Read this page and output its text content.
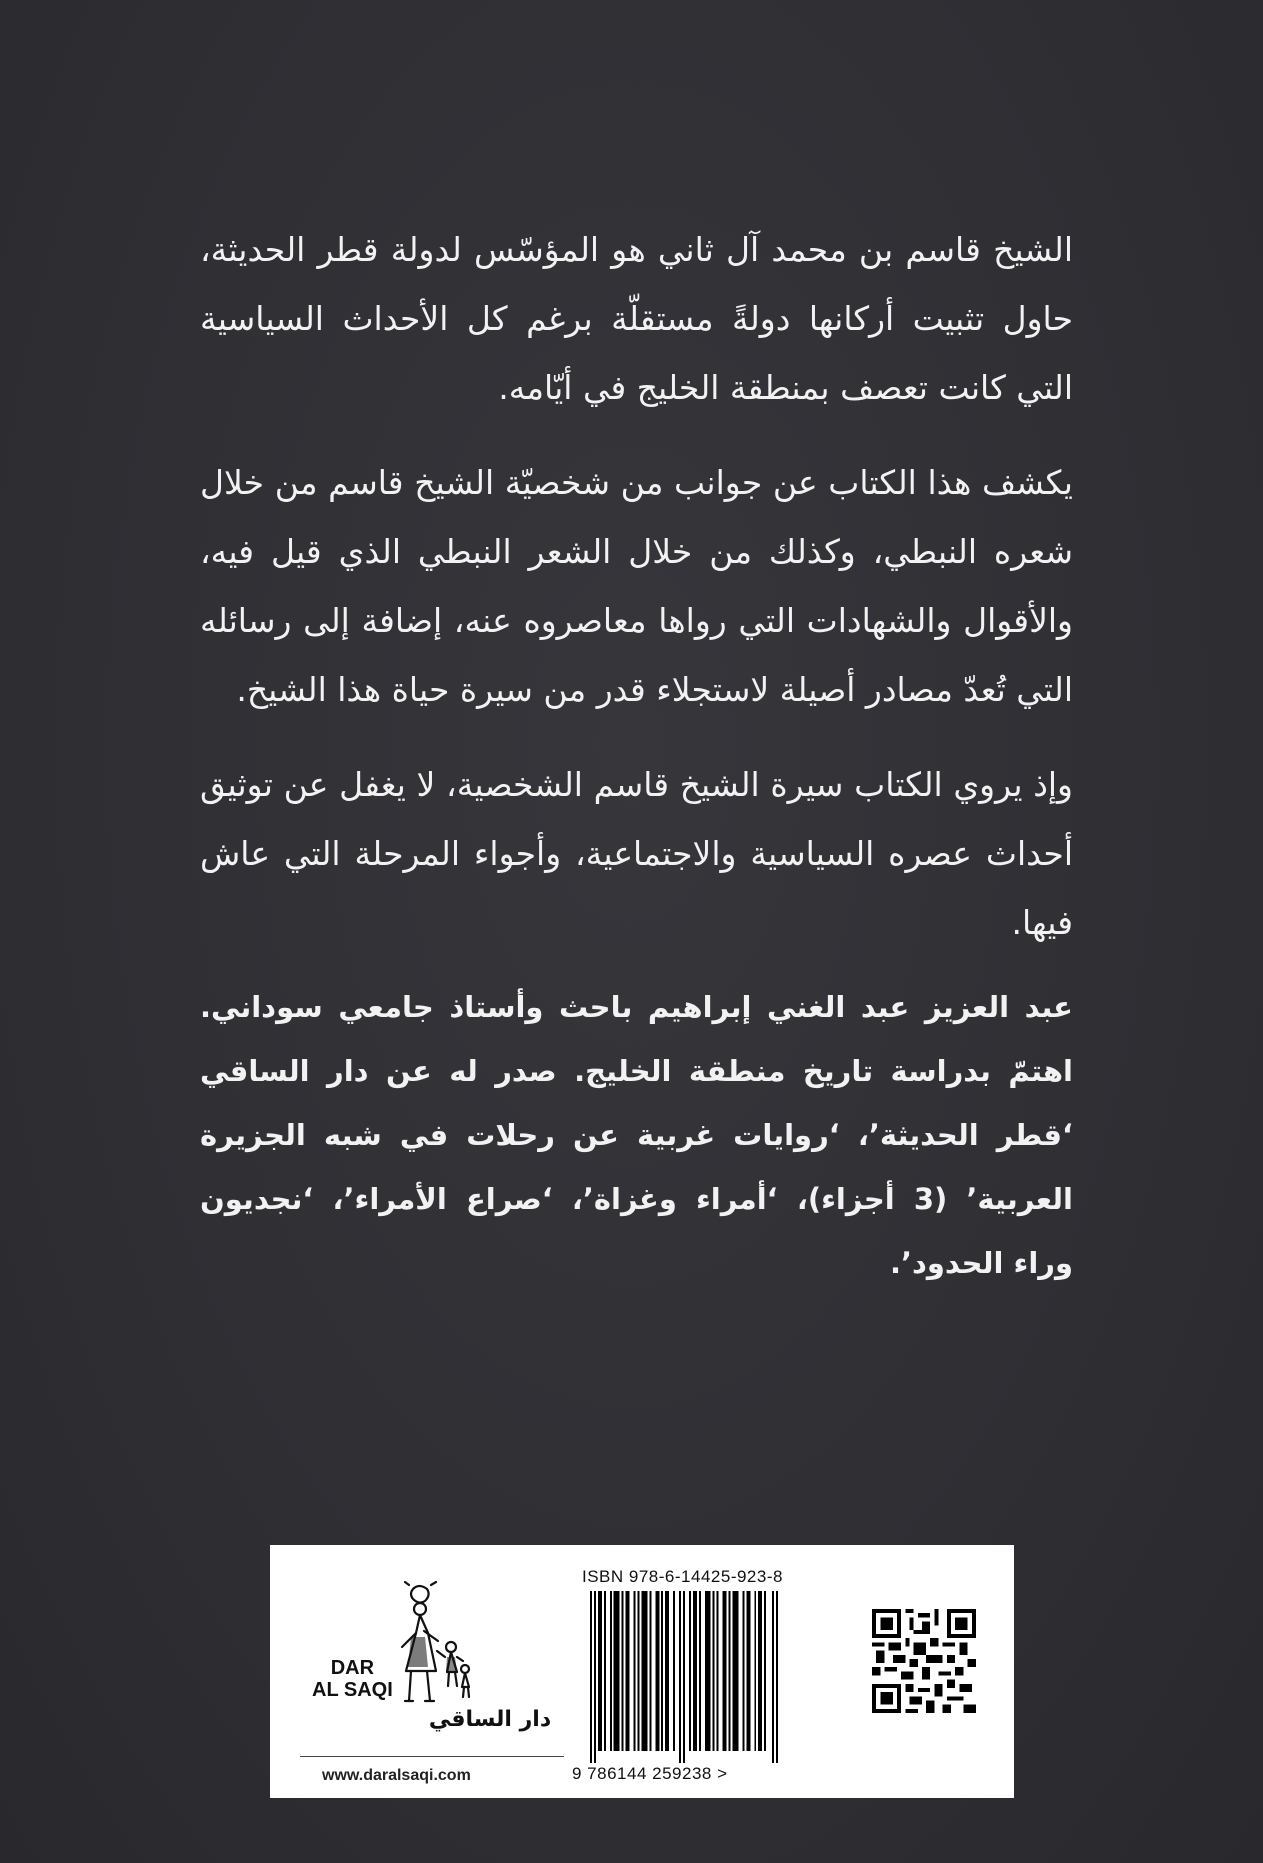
الشيخ قاسم بن محمد آل ثاني هو المؤسّس لدولة قطر الحديثة، حاول تثبيت أركانها دولةً مستقلّة برغم كل الأحداث السياسية التي كانت تعصف بمنطقة الخليج في أيّامه.

يكشف هذا الكتاب عن جوانب من شخصيّة الشيخ قاسم من خلال شعره النبطي، وكذلك من خلال الشعر النبطي الذي قيل فيه، والأقوال والشهادات التي رواها معاصروه عنه، إضافة إلى رسائله التي تُعدّ مصادر أصيلة لاستجلاء قدر من سيرة حياة هذا الشيخ.

وإذ يروي الكتاب سيرة الشيخ قاسم الشخصية، لا يغفل عن توثيق أحداث عصره السياسية والاجتماعية، وأجواء المرحلة التي عاش فيها.

عبد العزيز عبد الغني إبراهيم باحث وأستاذ جامعي سوداني. اهتمّ بدراسة تاريخ منطقة الخليج. صدر له عن دار الساقي ‘قطر الحديثة’، ‘روايات غربية عن رحلات في شبه الجزيرة العربية’ (3 أجزاء)، ‘أمراء وغزاة’، ‘صراع الأمراء’، ‘نجديون وراء الحدود’.

ISBN 978-6-14425-923-8
9 786144 259238 >
دار الساقي
DAR
AL SAQI
www.daralsaqi.com
